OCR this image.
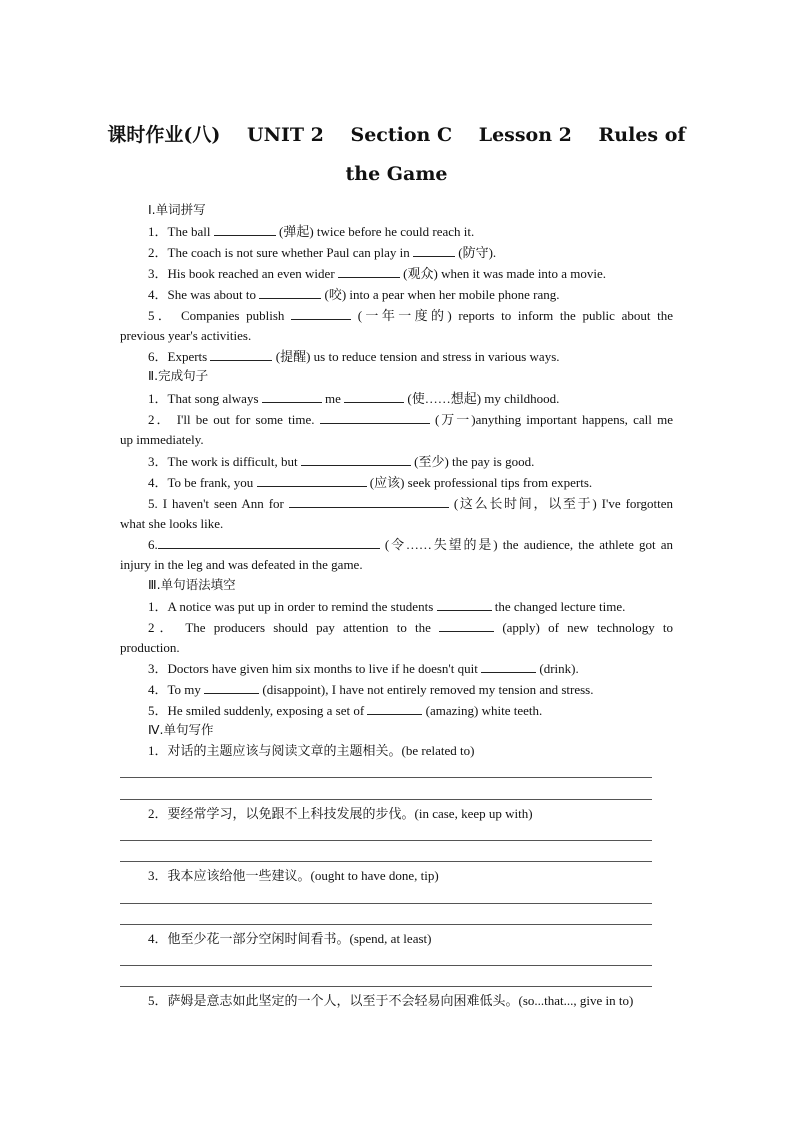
课时作业(八) UNIT 2 Section C Lesson 2 Rules of
the Game
Ⅰ.单词拼写
1．The ball	(弹起) twice before he could reach it.
2．The coach is not sure whether Paul can play in	(防守).
3．His book reached an even wider	(观众) when it was made into a movie.
4．She was about to	(咬) into a pear when her mobile phone rang.
5． Companies publish	(一年一度的) reports to inform the public about the
previous year's activities.
6．Experts	(提醒) us to reduce tension and stress in various ways.
Ⅱ.完成句子
1．That song always	me	(使……想起) my childhood.
2． I'll be out for some time.	(万一)anything important happens, call me
up immediately.
3．The work is difficult, but	(至少) the pay is good.
4．To be frank, you	(应该) seek professional tips from experts.
5. I haven't seen Ann for	(这么长时间，以至于) I've forgotten
what she looks like.
6.	(令……失望的是) the audience, the athlete got an
injury in the leg and was defeated in the game.
Ⅲ.单句语法填空
1．A notice was put up in order to remind the students	the changed lecture time.
2． The producers should pay attention to the	(apply) of new technology to
production.
3．Doctors have given him six months to live if he doesn't quit	(drink).
4．To my	(disappoint), I have not entirely removed my tension and stress.
5．He smiled suddenly, exposing a set of	(amazing) white teeth.
Ⅳ.单句写作
1．对话的主题应该与阅读文章的主题相关。(be related to)
2．要经常学习，以免跟不上科技发展的步伐。(in case, keep up with)
3．我本应该给他一些建议。(ought to have done, tip)
4．他至少花一部分空闲时间看书。(spend, at least)
5．萨姆是意志如此坚定的一个人，以至于不会轻易向困难低头。(so...that..., give in to)
